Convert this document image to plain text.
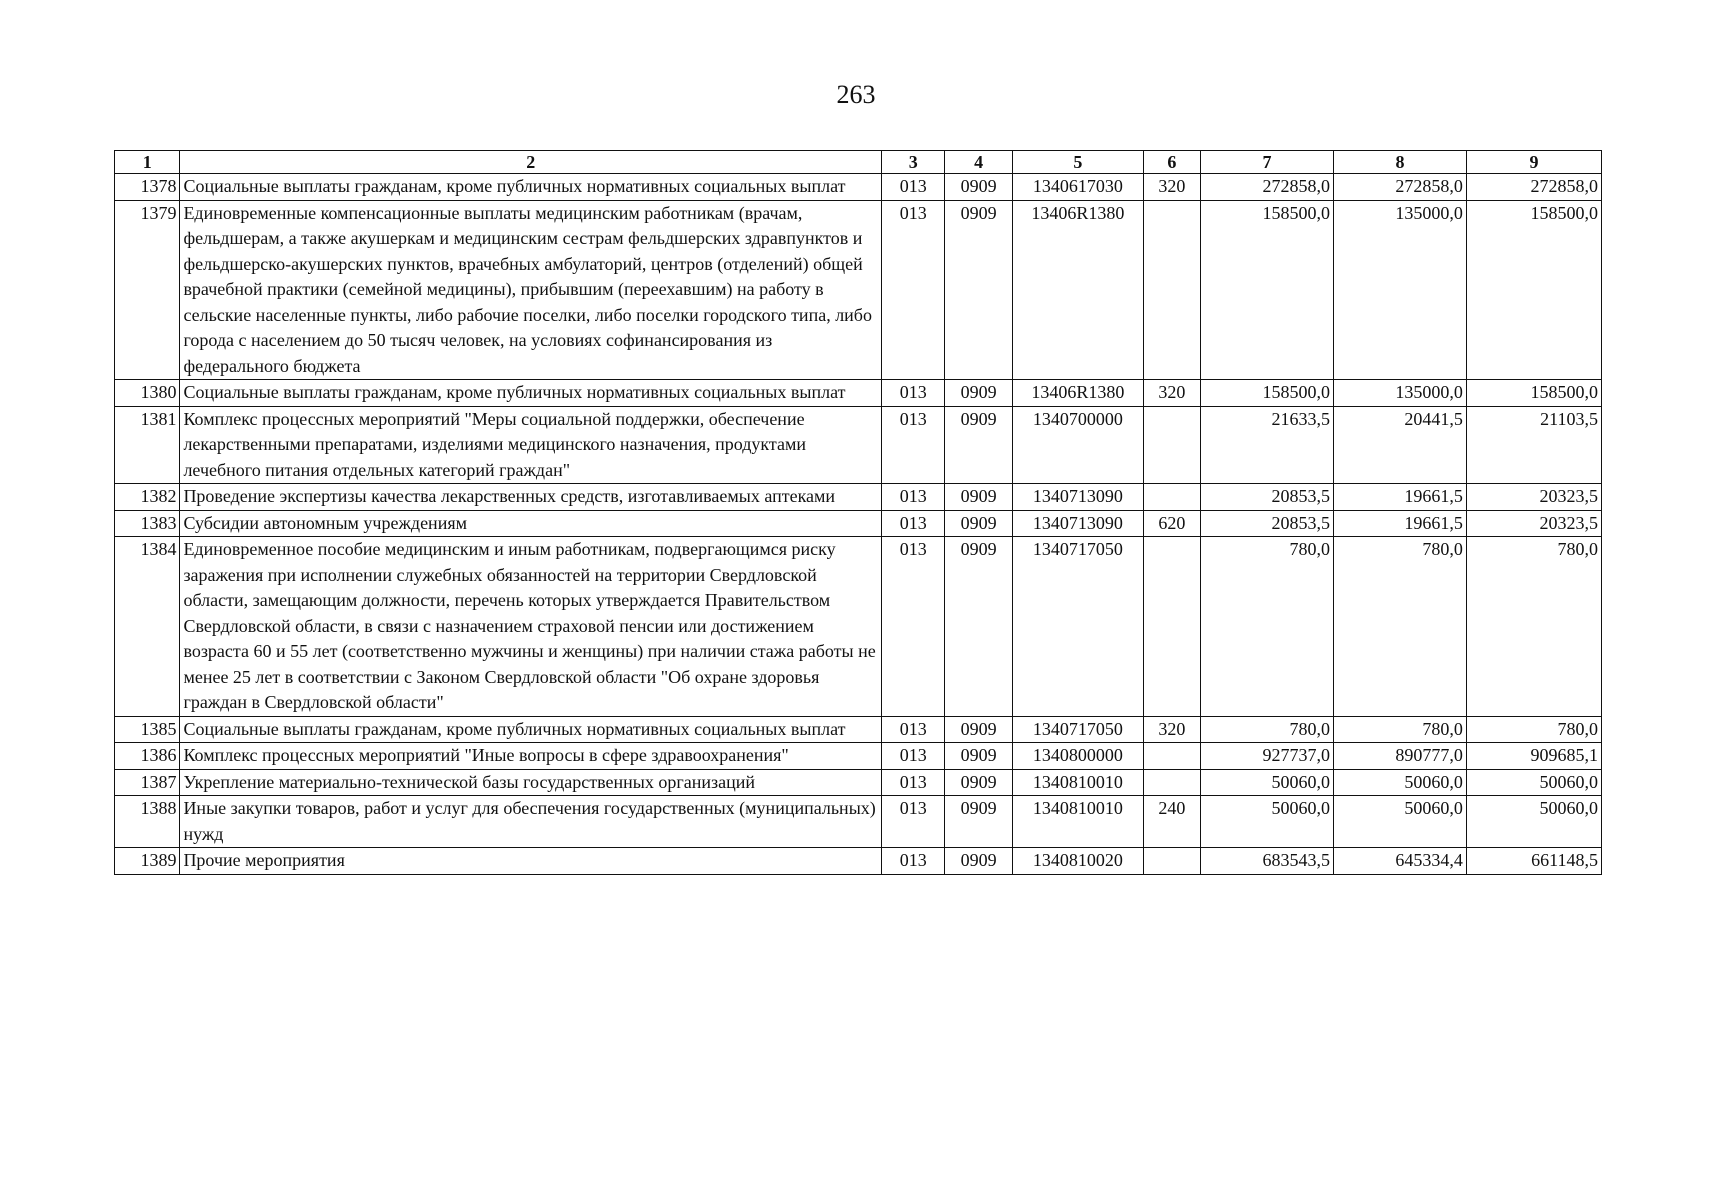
263
1	2	3	4	5	6	7	8	9
1378	Социальные выплаты гражданам, кроме публичных нормативных социальных выплат	013	0909	1340617030	320	272858,0	272858,0	272858,0
1379	Единовременные компенсационные выплаты медицинским работникам (врачам, фельдшерам, а также акушеркам и медицинским сестрам фельдшерских здравпунктов и фельдшерско-акушерских пунктов, врачебных амбулаторий, центров (отделений) общей врачебной практики (семейной медицины), прибывшим (переехавшим) на работу в сельские населенные пункты, либо рабочие поселки, либо поселки городского типа, либо города с населением до 50 тысяч человек, на условиях софинансирования из федерального бюджета	013	0909	13406R1380		158500,0	135000,0	158500,0
1380	Социальные выплаты гражданам, кроме публичных нормативных социальных выплат	013	0909	13406R1380	320	158500,0	135000,0	158500,0
1381	Комплекс процессных мероприятий "Меры социальной поддержки, обеспечение лекарственными препаратами, изделиями медицинского назначения, продуктами лечебного питания отдельных категорий граждан"	013	0909	1340700000		21633,5	20441,5	21103,5
1382	Проведение экспертизы качества лекарственных средств, изготавливаемых аптеками	013	0909	1340713090		20853,5	19661,5	20323,5
1383	Субсидии автономным учреждениям	013	0909	1340713090	620	20853,5	19661,5	20323,5
1384	Единовременное пособие медицинским и иным работникам, подвергающимся риску заражения при исполнении служебных обязанностей на территории Свердловской области, замещающим должности, перечень которых утверждается Правительством Свердловской области, в связи с назначением страховой пенсии или достижением возраста 60 и 55 лет (соответственно мужчины и женщины) при наличии стажа работы не менее 25 лет в соответствии с Законом Свердловской области "Об охране здоровья граждан в Свердловской области"	013	0909	1340717050		780,0	780,0	780,0
1385	Социальные выплаты гражданам, кроме публичных нормативных социальных выплат	013	0909	1340717050	320	780,0	780,0	780,0
1386	Комплекс процессных мероприятий "Иные вопросы в сфере здравоохранения"	013	0909	1340800000		927737,0	890777,0	909685,1
1387	Укрепление материально-технической базы государственных организаций	013	0909	1340810010		50060,0	50060,0	50060,0
1388	Иные закупки товаров, работ и услуг для обеспечения государственных (муниципальных) нужд	013	0909	1340810010	240	50060,0	50060,0	50060,0
1389	Прочие мероприятия	013	0909	1340810020		683543,5	645334,4	661148,5
